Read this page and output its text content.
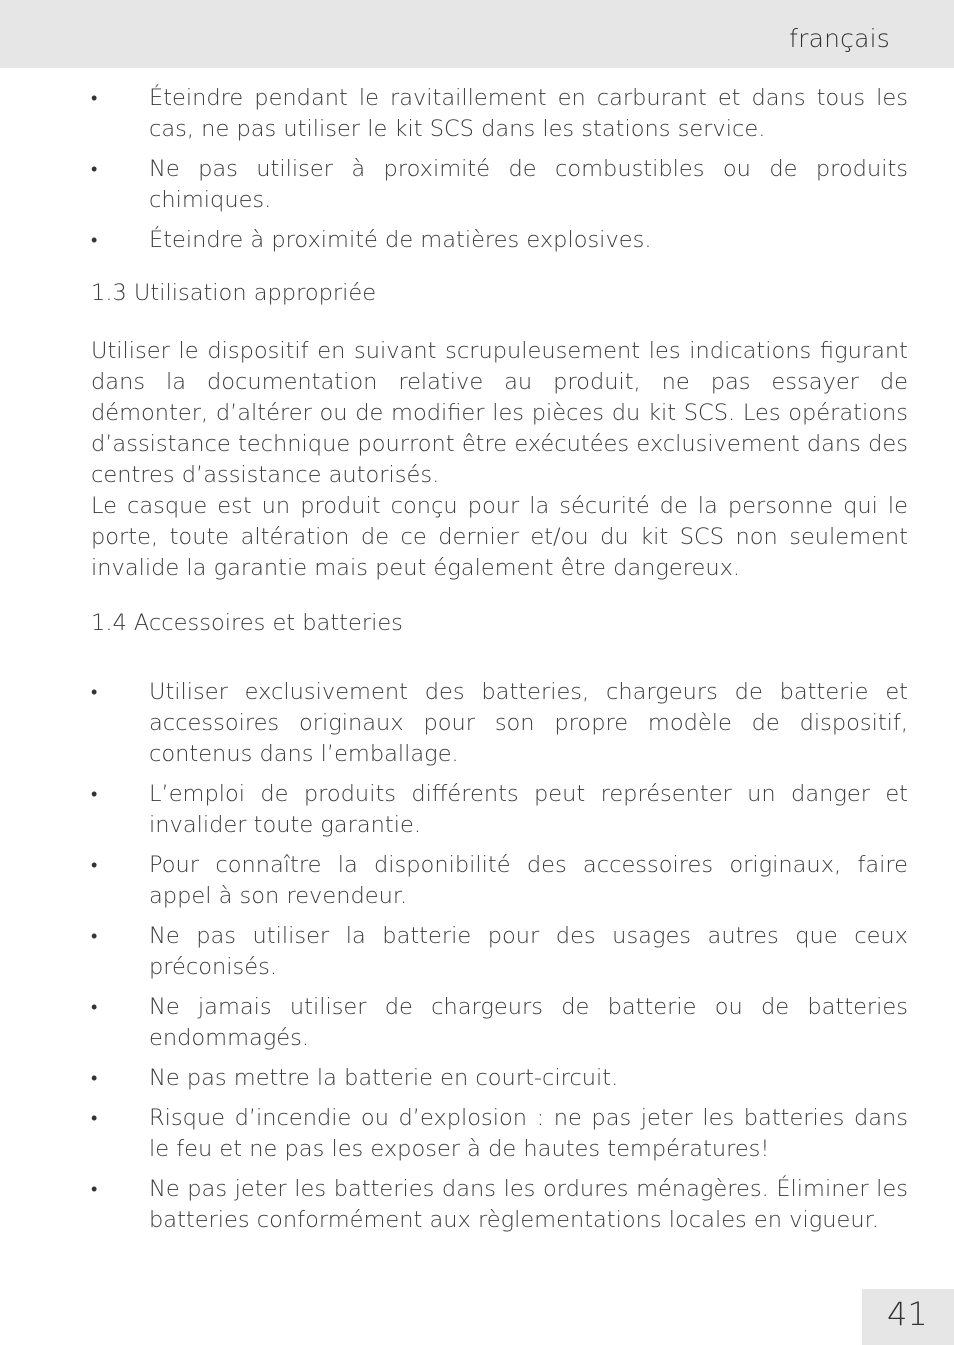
français
•	Éteindre pendant le ravitaillement en carburant et dans tous les cas, ne pas utiliser le kit SCS dans les stations service.
•	Ne pas utiliser à proximité de combustibles ou de produits chimiques.
•	Éteindre à proximité de matières explosives.
1.3 Utilisation appropriée

Utiliser le dispositif en suivant scrupuleusement les indications figurant dans la documentation relative au produit, ne pas essayer de démonter, d’altérer ou de modifier les pièces du kit SCS. Les opérations d’assistance technique pourront être exécutées exclusivement dans des centres d’assistance autorisés.

Le casque est un produit conçu pour la sécurité de la personne qui le porte, toute altération de ce dernier et/ou du kit SCS non seulement invalide la garantie mais peut également être dangereux.

1.4 Accessoires et batteries
•	Utiliser exclusivement des batteries, chargeurs de batterie et accessoires originaux pour son propre modèle de dispositif, contenus dans l’emballage.
•	L’emploi de produits différents peut représenter un danger et invalider toute garantie.
•	Pour connaître la disponibilité des accessoires originaux, faire appel à son revendeur.
•	Ne pas utiliser la batterie pour des usages autres que ceux préconisés.
•	Ne jamais utiliser de chargeurs de batterie ou de batteries endommagés.
•	Ne pas mettre la batterie en court-circuit.
•	Risque d’incendie ou d’explosion : ne pas jeter les batteries dans le feu et ne pas les exposer à de hautes températures!
•	Ne pas jeter les batteries dans les ordures ménagères. Éliminer les batteries conformément aux règlementations locales en vigueur.
41
